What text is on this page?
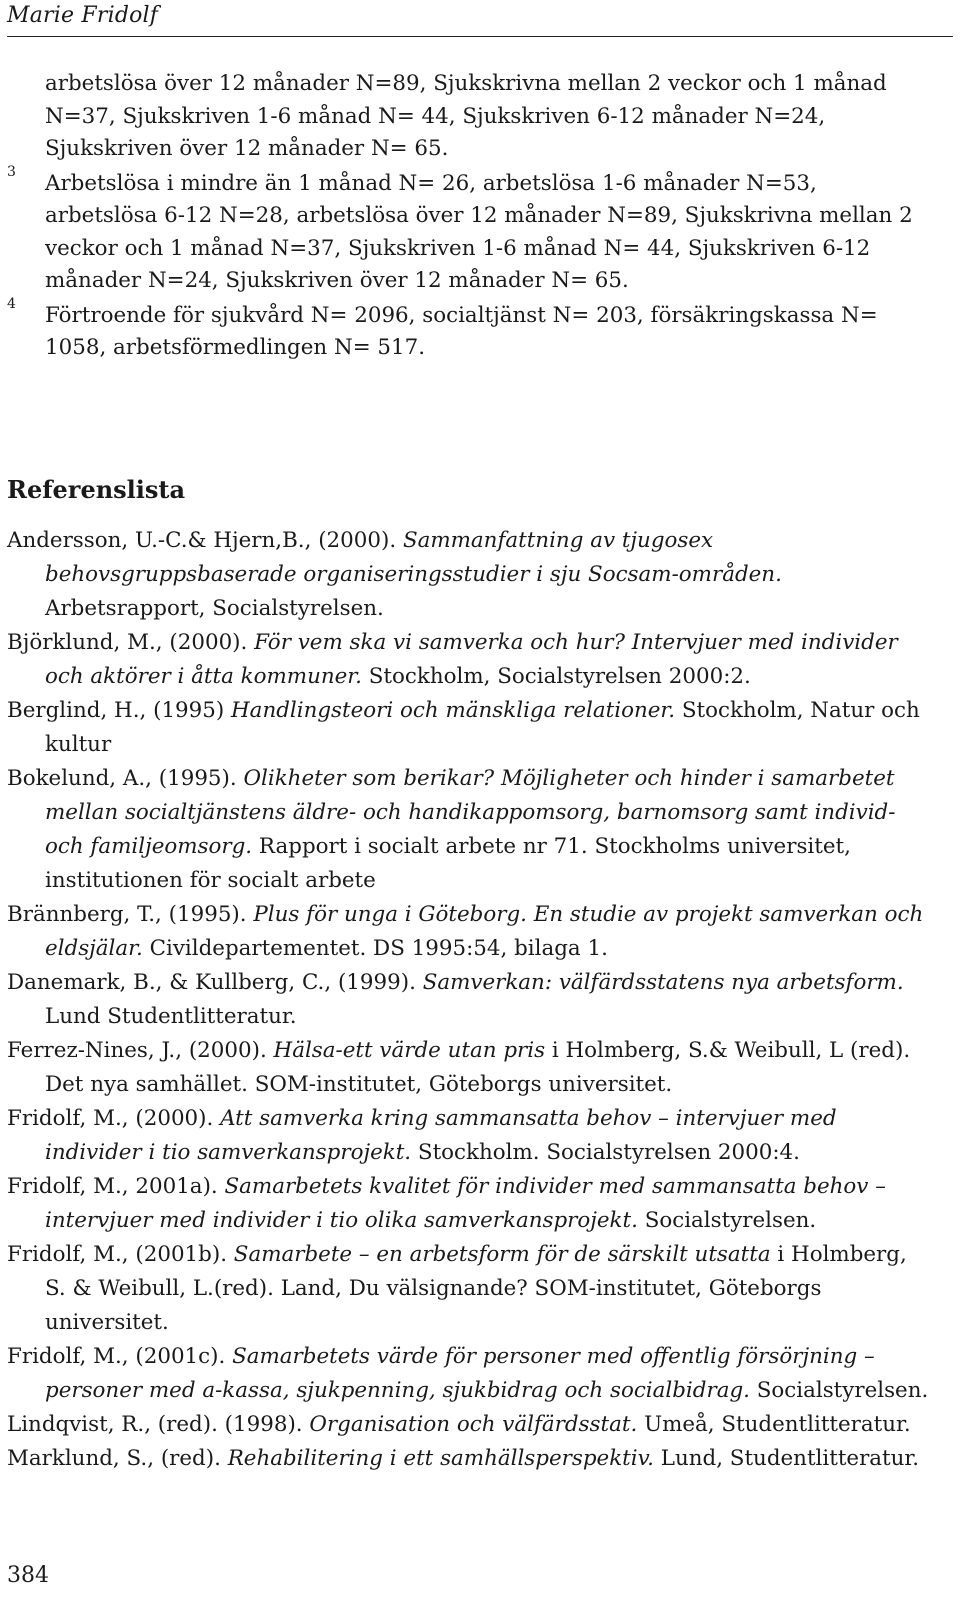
Marie Fridolf
arbetslösa över 12 månader N=89, Sjukskrivna mellan 2 veckor och 1 månad N=37, Sjukskriven 1-6 månad N= 44, Sjukskriven 6-12 månader N=24, Sjukskriven över 12 månader N= 65.
3 Arbetslösa i mindre än 1 månad N= 26, arbetslösa 1-6 månader N=53, arbetslösa 6-12 N=28, arbetslösa över 12 månader N=89, Sjukskrivna mellan 2 veckor och 1 månad N=37, Sjukskriven 1-6 månad N= 44, Sjukskriven 6-12 månader N=24, Sjukskriven över 12 månader N= 65.
4 Förtroende för sjukvård N= 2096, socialtjänst N= 203, försäkringskassa N= 1058, arbetsförmedlingen N= 517.
Referenslista

Andersson, U.-C.& Hjern,B., (2000). Sammanfattning av tjugosex behovsgruppsbaserade organiseringsstudier i sju Socsam-områden. Arbetsrapport, Socialstyrelsen.

Björklund, M., (2000). För vem ska vi samverka och hur? Intervjuer med individer och aktörer i åtta kommuner. Stockholm, Socialstyrelsen 2000:2.

Berglind, H., (1995) Handlingsteori och mänskliga relationer. Stockholm, Natur och kultur

Bokelund, A., (1995). Olikheter som berikar? Möjligheter och hinder i samarbetet mellan socialtjänstens äldre- och handikappomsorg, barnomsorg samt individ- och familjeomsorg. Rapport i socialt arbete nr 71. Stockholms universitet, institutionen för socialt arbete

Brännberg, T., (1995). Plus för unga i Göteborg. En studie av projekt samverkan och eldsjälar. Civildepartementet. DS 1995:54, bilaga 1.

Danemark, B., & Kullberg, C., (1999). Samverkan: välfärdsstatens nya arbetsform. Lund Studentlitteratur.

Ferrez-Nines, J., (2000). Hälsa-ett värde utan pris i Holmberg, S.& Weibull, L (red). Det nya samhället. SOM-institutet, Göteborgs universitet.

Fridolf, M., (2000). Att samverka kring sammansatta behov – intervjuer med individer i tio samverkansprojekt. Stockholm. Socialstyrelsen 2000:4.

Fridolf, M., 2001a). Samarbetets kvalitet för individer med sammansatta behov – intervjuer med individer i tio olika samverkansprojekt. Socialstyrelsen.

Fridolf, M., (2001b). Samarbete – en arbetsform för de särskilt utsatta i Holmberg, S. & Weibull, L.(red). Land, Du välsignande? SOM-institutet, Göteborgs universitet.

Fridolf, M., (2001c). Samarbetets värde för personer med offentlig försörjning – personer med a-kassa, sjukpenning, sjukbidrag och socialbidrag. Socialstyrelsen.

Lindqvist, R., (red). (1998). Organisation och välfärdsstat. Umeå, Studentlitteratur.

Marklund, S., (red). Rehabilitering i ett samhällsperspektiv. Lund, Studentlitteratur.

384
